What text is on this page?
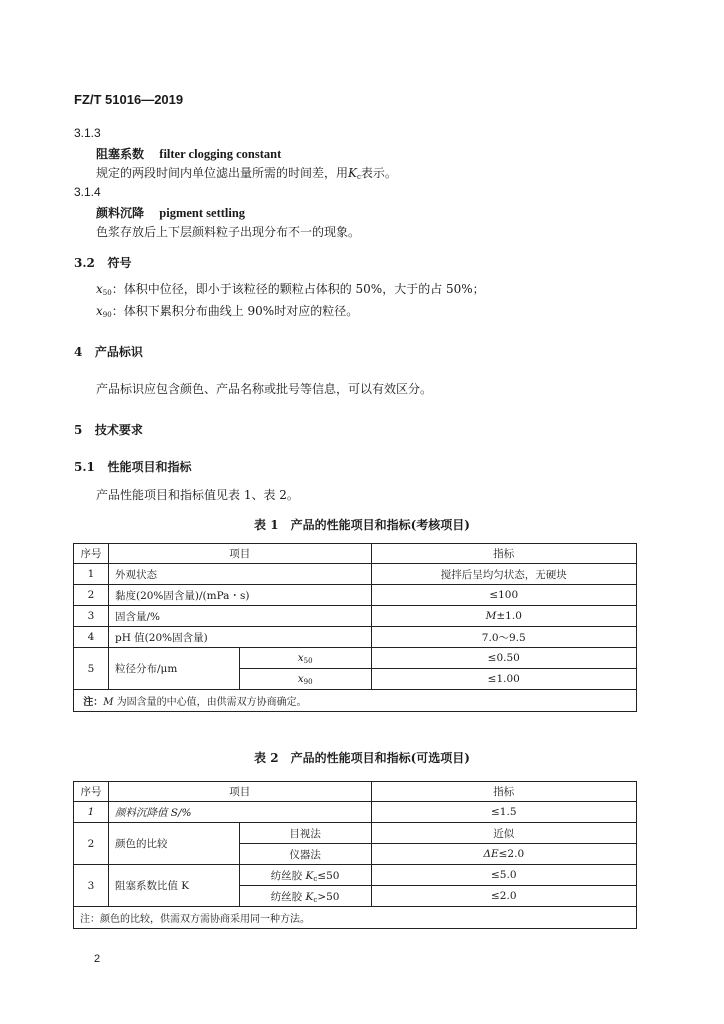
FZ/T 51016—2019
3.1.3
阻塞系数 filter clogging constant
规定的两段时间内单位滤出量所需的时间差，用$K_c$表示。
3.1.4
颜料沉降 pigment settling
色浆存放后上下层颜料粒子出现分布不一的现象。
3.2 符号
$x_{50}$：体积中位径，即小于该粒径的颗粒占体积的 50%，大于的占 50%；
$x_{90}$：体积下累积分布曲线上 90%时对应的粒径。
4 产品标识
产品标识应包含颜色、产品名称或批号等信息，可以有效区分。
5 技术要求
5.1 性能项目和指标
产品性能项目和指标值见表 1、表 2。
表 1　产品的性能项目和指标(考核项目)
序号	项目		指标
1	外观状态		搅拌后呈均匀状态，无硬块
2	黏度(20%固含量)/(mPa・s)		≤100
3	固含量/%		M±1.0
4	pH 值(20%固含量)		7.0～9.5
5	粒径分布/μm	$x_{50}$	≤0.50
		$x_{90}$	≤1.00
注：M 为固含量的中心值，由供需双方协商确定。			
表 2　产品的性能项目和指标(可选项目)
序号	项目		指标
1	颜料沉降值 S/%		≤1.5
2	颜色的比较	目视法	近似
		仪器法	ΔE≤2.0
3	阻塞系数比值 K	纺丝胶 $K_c\le 50$	≤5.0
		纺丝胶 $K_c>50$	≤2.0
注：颜色的比较，供需双方需协商采用同一种方法。			
2
